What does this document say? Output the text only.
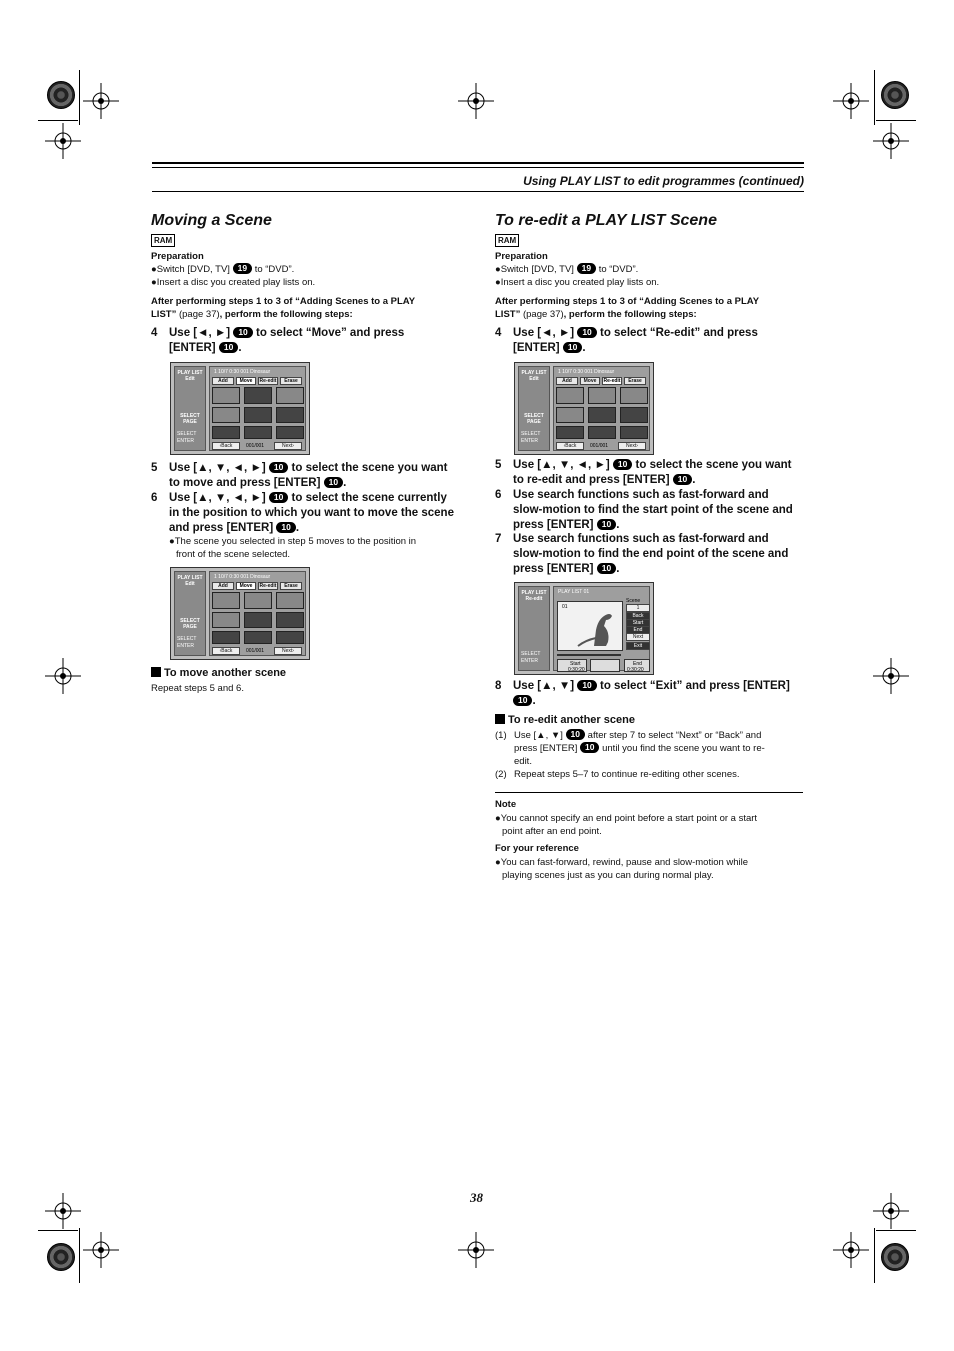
Using PLAY LIST to edit programmes (continued)
Moving a Scene
RAM
Preparation
●Switch [DVD, TV] 19 to “DVD”.
●Insert a disc you created play lists on.
After performing steps 1 to 3 of “Adding Scenes to a PLAY
LIST” (page 37), perform the following steps:
4	Use [◄, ►] 10 to select “Move” and press
[ENTER] 10 .
PLAY LIST Edit
SELECT PAGE
SELECT
ENTER
1 10/7 0:30 001 Dinosaur
Add	Move	Re-edit	Erase
‹Back	001/001	Next›
5	Use [▲, ▼, ◄, ►] 10 to select the scene you want
to move and press [ENTER] 10 .
6	Use [▲, ▼, ◄, ►] 10 to select the scene currently
in the position to which you want to move the scene
and press [ENTER] 10 .
●The scene you selected in step 5 moves to the position in
front of the scene selected.
PLAY LIST Edit
SELECT PAGE
SELECT
ENTER
1 10/7 0:30 001 Dinosaur
Add	Move	Re-edit	Erase
‹Back	001/001	Next›
To move another scene
Repeat steps 5 and 6.
To re-edit a PLAY LIST Scene
RAM
Preparation
●Switch [DVD, TV] 19 to “DVD”.
●Insert a disc you created play lists on.
After performing steps 1 to 3 of “Adding Scenes to a PLAY
LIST” (page 37), perform the following steps:
4	Use [◄, ►] 10 to select “Re-edit” and press
[ENTER] 10 .
PLAY LIST Edit
SELECT PAGE
SELECT
ENTER
1 10/7 0:30 001 Dinosaur
Add	Move	Re-edit	Erase
‹Back	001/001	Next›
5	Use [▲, ▼, ◄, ►] 10 to select the scene you want
to re-edit and press [ENTER] 10 .
6	Use search functions such as fast-forward and
slow-motion to find the start point of the scene and
press [ENTER] 10 .
7	Use search functions such as fast-forward and
slow-motion to find the end point of the scene and
press [ENTER] 10 .
PLAY LIST Re-edit
SELECT
ENTER
PLAY LIST 01
01
Scene
1
Back
Start
End
Next
Exit
Start
0:30:20
End
0:30:20
8	Use [▲, ▼] 10 to select “Exit” and press [ENTER]
10 .
To re-edit another scene
(1) Use [▲, ▼] 10 after step 7 to select “Next” or “Back” and
press [ENTER] 10 until you find the scene you want to re-
edit.
(2) Repeat steps 5–7 to continue re-editing other scenes.
Note
●You cannot specify an end point before a start point or a start
point after an end point.
For your reference
●You can fast-forward, rewind, pause and slow-motion while
playing scenes just as you can during normal play.
38
